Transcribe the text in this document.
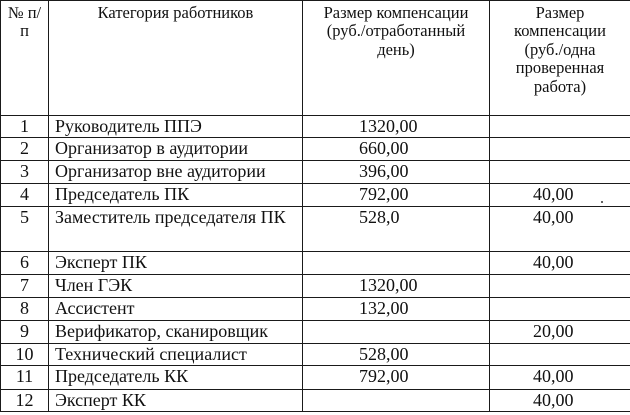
№ п/п	Категория работников	Размер компенсации (руб./отработанный день)	Размер компенсации (руб./одна проверенная работа)
1	Руководитель ППЭ	1320,00	
2	Организатор в аудитории	660,00	
3	Организатор вне аудитории	396,00	
4	Председатель ПК	792,00	40,00
5	Заместитель председателя ПК	528,0	40,00
6	Эксперт ПК		40,00
7	Член ГЭК	1320,00	
8	Ассистент	132,00	
9	Верификатор, сканировщик		20,00
10	Технический специалист	528,00	
11	Председатель КК	792,00	40,00
12	Эксперт КК		40,00
